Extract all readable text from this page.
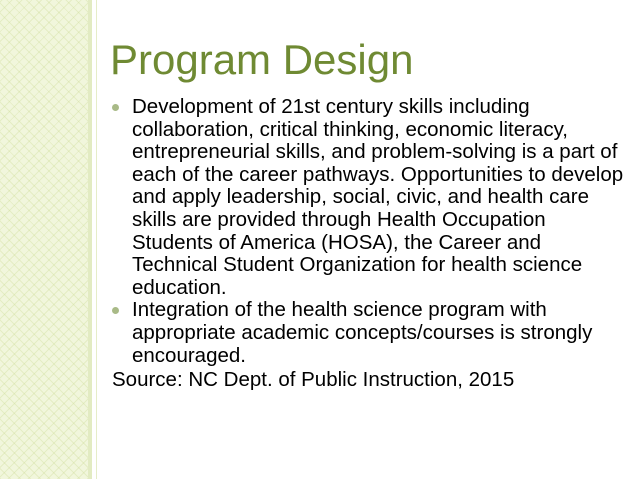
Program Design
Development of 21st century skills including collaboration, critical thinking, economic literacy, entrepreneurial skills, and problem-solving is a part of each of the career pathways. Opportunities to develop and apply leadership, social, civic, and health care skills are provided through Health Occupation Students of America (HOSA), the Career and Technical Student Organization for health science education.
Integration of the health science program with appropriate academic concepts/courses is strongly encouraged.

Source: NC Dept. of Public Instruction, 2015
